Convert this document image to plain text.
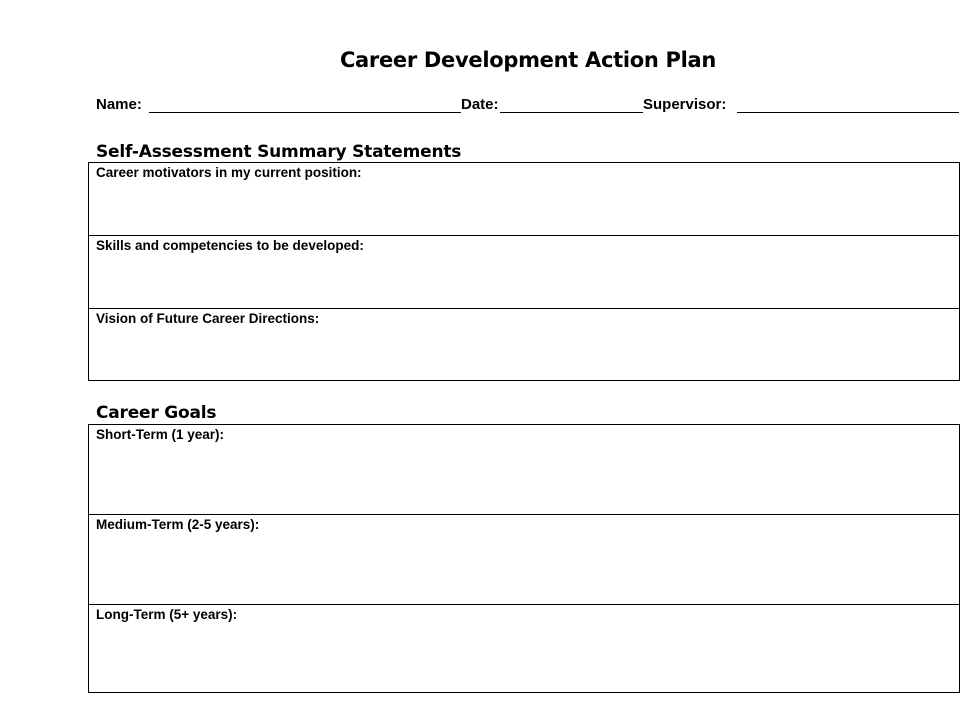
Career Development Action Plan
Name:	Date:	Supervisor:
Self-Assessment Summary Statements
Career motivators in my current position:
Skills and competencies to be developed:
Vision of Future Career Directions:
Career Goals
Short-Term (1 year):
Medium-Term (2-5 years):
Long-Term (5+ years):
